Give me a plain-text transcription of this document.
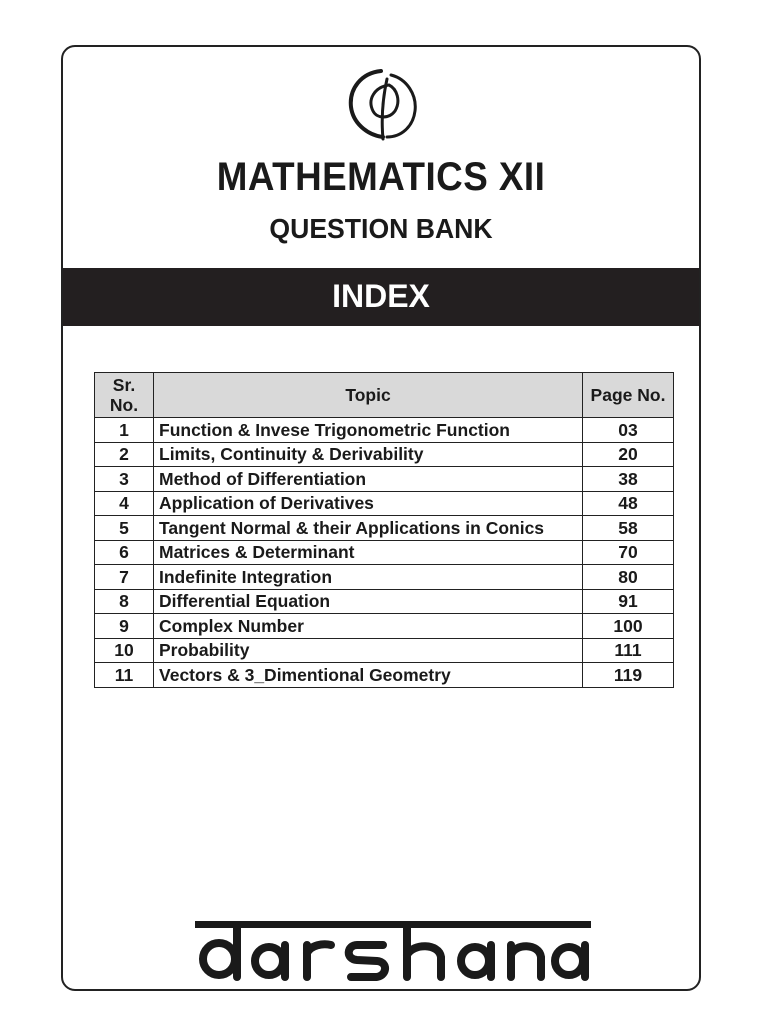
MATHEMATICS XII
QUESTION BANK
INDEX
Sr. No.	Topic	Page No.
1	Function & Invese Trigonometric Function	03
2	Limits, Continuity & Derivability	20
3	Method of Differentiation	38
4	Application of Derivatives	48
5	Tangent Normal & their Applications in Conics	58
6	Matrices & Determinant	70
7	Indefinite Integration	80
8	Differential Equation	91
9	Complex Number	100
10	Probability	111
11	Vectors & 3_Dimentional Geometry	119
